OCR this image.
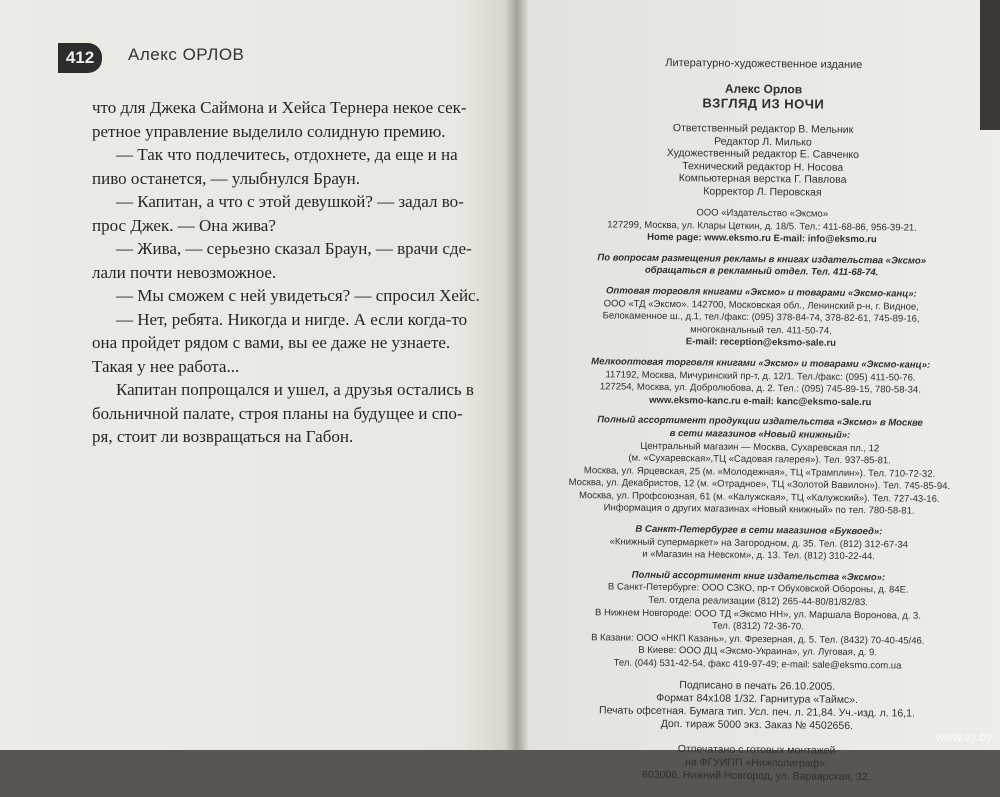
412	Алекс ОРЛОВ

что для Джека Саймона и Хейса Тернера некое сек-
ретное управление выделило солидную премию.

— Так что подлечитесь, отдохнете, да еще и на
пиво останется, — улыбнулся Браун.

— Капитан, а что с этой девушкой? — задал во-
прос Джек. — Она жива?

— Жива, — серьезно сказал Браун, — врачи сде-
лали почти невозможное.

— Мы сможем с ней увидеться? — спросил Хейс.

— Нет, ребята. Никогда и нигде. А если когда-то
она пройдет рядом с вами, вы ее даже не узнаете.
Такая у нее работа...

Капитан попрощался и ушел, а друзья остались в
больничной палате, строя планы на будущее и спо-
ря, стоит ли возвращаться на Габон.

Литературно-художественное издание
Алекс Орлов
ВЗГЛЯД ИЗ НОЧИ
Ответственный редактор В. Мельник
Редактор Л. Милько
Художественный редактор Е. Савченко
Технический редактор Н. Носова
Компьютерная верстка Г. Павлова
Корректор Л. Перовская
ООО «Издательство «Эксмо»
127299, Москва, ул. Клары Цеткин, д. 18/5. Тел.: 411-68-86, 956-39-21.
Home page: www.eksmo.ru E-mail: info@eksmo.ru
По вопросам размещения рекламы в книгах издательства «Эксмо»
обращаться в рекламный отдел. Тел. 411-68-74.
Оптовая торговля книгами «Эксмо» и товарами «Эксмо-канц»:
ООО «ТД «Эксмо». 142700, Московская обл., Ленинский р-н, г. Видное,
Белокаменное ш., д.1, тел./факс: (095) 378-84-74, 378-82-61, 745-89-16,
многоканальный тел. 411-50-74.
E-mail: reception@eksmo-sale.ru
Мелкооптовая торговля книгами «Эксмо» и товарами «Эксмо-канц»:
117192, Москва, Мичуринский пр-т, д. 12/1. Тел./факс: (095) 411-50-76.
127254, Москва, ул. Добролюбова, д. 2. Тел.: (095) 745-89-15, 780-58-34.
www.eksmo-kanc.ru e-mail: kanc@eksmo-sale.ru
Полный ассортимент продукции издательства «Эксмо» в Москве
в сети магазинов «Новый книжный»:
Центральный магазин — Москва, Сухаревская пл., 12
(м. «Сухаревская»,ТЦ «Садовая галерея»). Тел. 937-85-81.
Москва, ул. Ярцевская, 25 (м. «Молодежная», ТЦ «Трамплин»). Тел. 710-72-32.
Москва, ул. Декабристов, 12 (м. «Отрадное», ТЦ «Золотой Вавилон»). Тел. 745-85-94.
Москва, ул. Профсоюзная, 61 (м. «Калужская», ТЦ «Калужский»). Тел. 727-43-16.
Информация о других магазинах «Новый книжный» по тел. 780-58-81.
В Санкт-Петербурге в сети магазинов «Буквоед»:
«Книжный супермаркет» на Загородном, д. 35. Тел. (812) 312-67-34
и «Магазин на Невском», д. 13. Тел. (812) 310-22-44.
Полный ассортимент книг издательства «Эксмо»:
В Санкт-Петербурге: ООО СЗКО, пр-т Обуховской Обороны, д. 84Е.
Тел. отдела реализации (812) 265-44-80/81/82/83.
В Нижнем Новгороде: ООО ТД «Эксмо НН», ул. Маршала Воронова, д. 3.
Тел. (8312) 72-36-70.
В Казани: ООО «НКП Казань», ул. Фрезерная, д. 5. Тел. (8432) 70-40-45/46.
В Киеве: ООО ДЦ «Эксмо-Украина», ул. Луговая, д. 9.
Тел. (044) 531-42-54, факс 419-97-49; e-mail: sale@eksmo.com.ua
Подписано в печать 26.10.2005.
Формат 84x108 1/32. Гарнитура «Таймс».
Печать офсетная. Бумага тип. Усл. печ. л. 21,84. Уч.-изд. л. 16,1.
Доп. тираж 5000 экз. Заказ № 4502656.
Отпечатано с готовых монтажей
на ФГУИПП «Нижполиграф».
603006, Нижний Новгород, ул. Варварская, 32.
www.ay.by
